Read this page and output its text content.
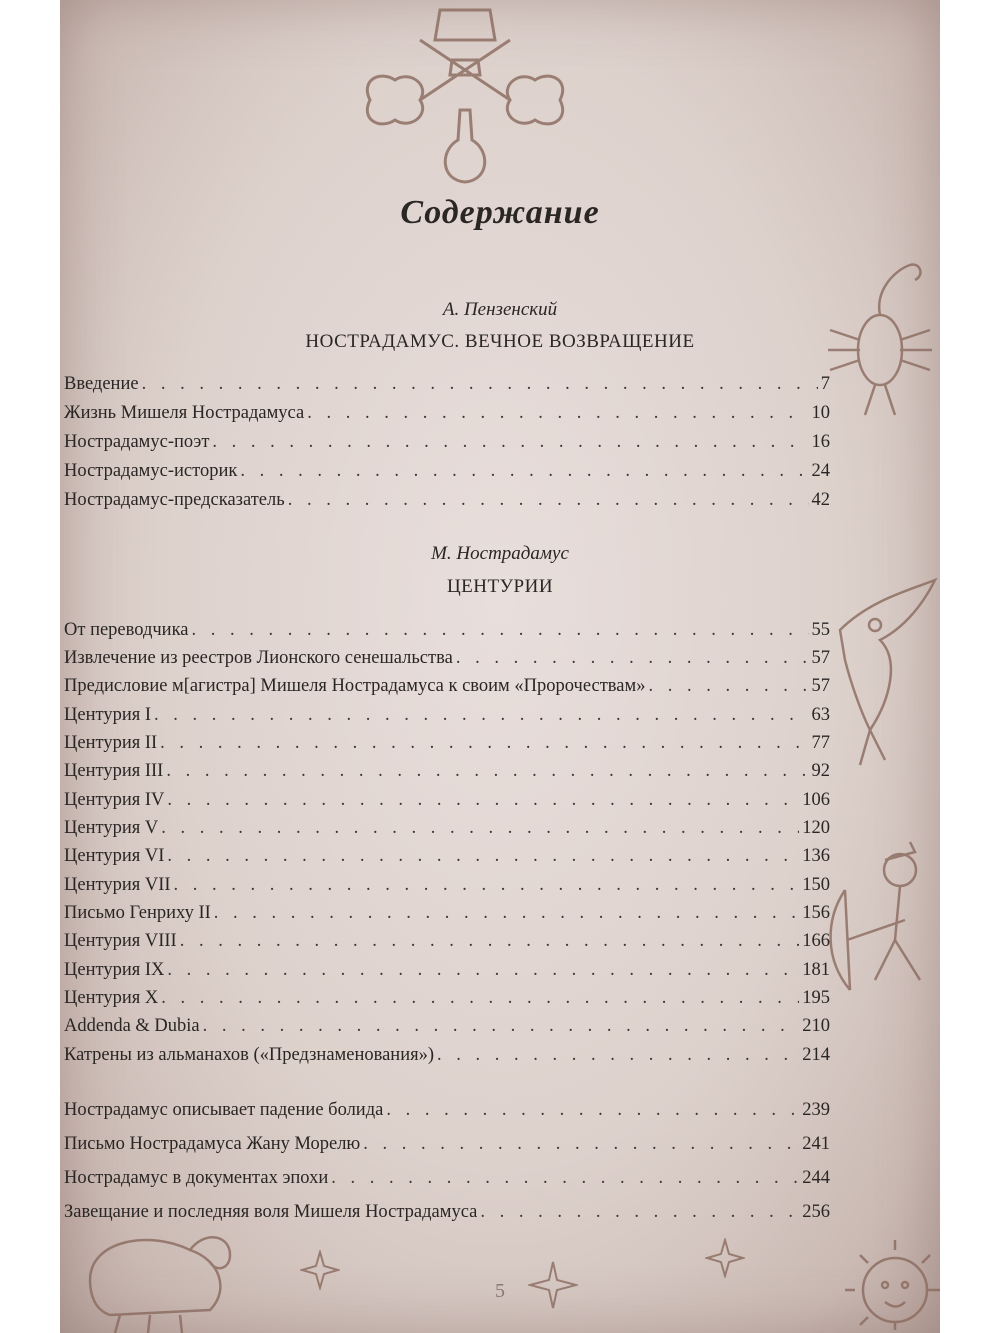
Содержание
А. Пензенский
НОСТРАДАМУС. ВЕЧНОЕ ВОЗВРАЩЕНИЕ
Введение . . .	7
Жизнь Мишеля Нострадамуса . . .	10
Нострадамус-поэт . . .	16
Нострадамус-историк . . .	24
Нострадамус-предсказатель . . .	42
М. Нострадамус
ЦЕНТУРИИ
От переводчика . . .	55
Извлечение из реестров Лионского сенешальства . . .	57
Предисловие м[агистра] Мишеля Нострадамуса к своим «Пророчествам» . . .	57
Центурия I . . .	63
Центурия II . . .	77
Центурия III . . .	92
Центурия IV . . .	106
Центурия V . . .	120
Центурия VI . . .	136
Центурия VII . . .	150
Письмо Генриху II . . .	156
Центурия VIII . . .	166
Центурия IX . . .	181
Центурия X . . .	195
Addenda & Dubia . . .	210
Катрены из альманахов («Предзнаменования») . . .	214
Нострадамус описывает падение болида . . .	239
Письмо Нострадамуса Жану Морелю . . .	241
Нострадамус в документах эпохи . . .	244
Завещание и последняя воля Мишеля Нострадамуса . . .	256
5
